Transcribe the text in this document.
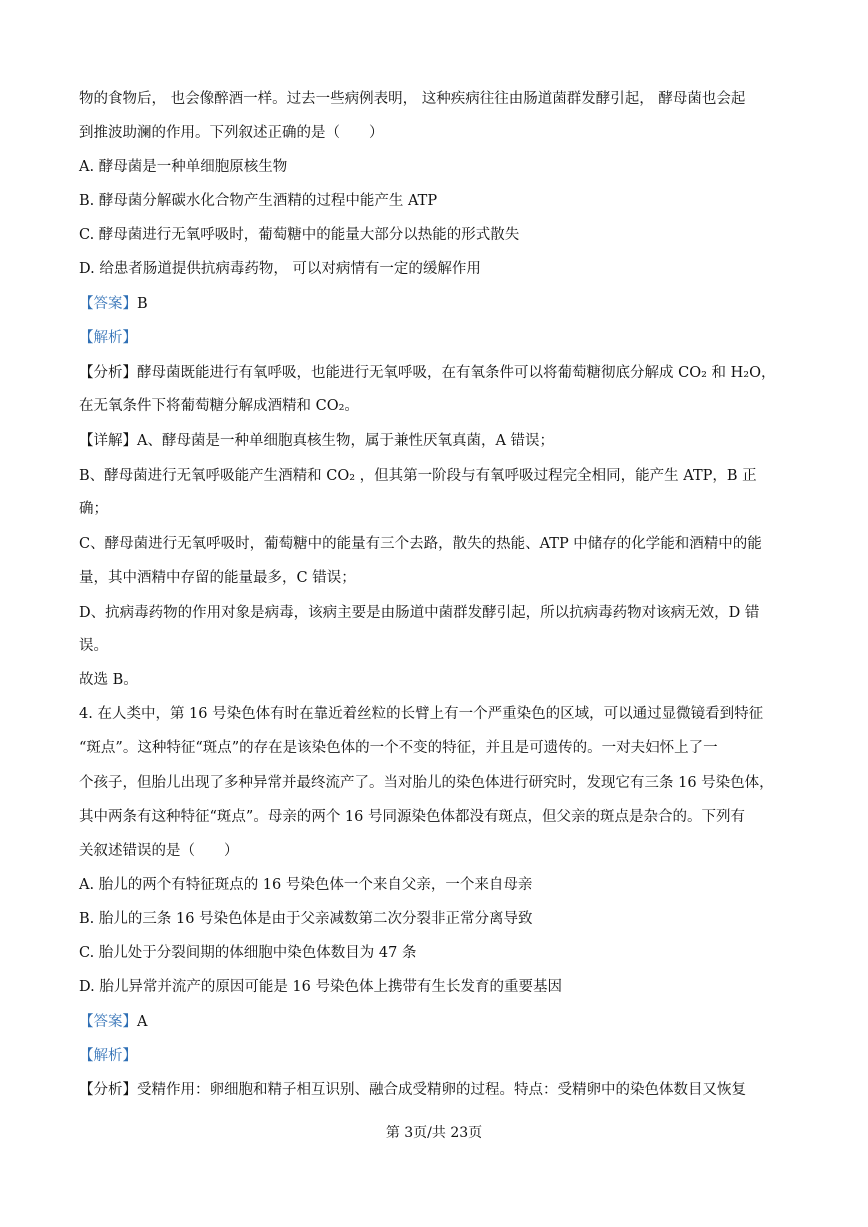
物的食物后， 也会像醉酒一样。过去一些病例表明， 这种疾病往往由肠道菌群发酵引起， 酵母菌也会起
到推波助澜的作用。下列叙述正确的是（　　）
A. 酵母菌是一种单细胞原核生物
B. 酵母菌分解碳水化合物产生酒精的过程中能产生 ATP
C. 酵母菌进行无氧呼吸时，葡萄糖中的能量大部分以热能的形式散失
D. 给患者肠道提供抗病毒药物， 可以对病情有一定的缓解作用
【答案】B
【解析】
【分析】酵母菌既能进行有氧呼吸，也能进行无氧呼吸，在有氧条件可以将葡萄糖彻底分解成 CO₂ 和 H₂O，
在无氧条件下将葡萄糖分解成酒精和 CO₂。
【详解】A、酵母菌是一种单细胞真核生物，属于兼性厌氧真菌，A 错误；
B、酵母菌进行无氧呼吸能产生酒精和 CO₂ ，但其第一阶段与有氧呼吸过程完全相同，能产生 ATP，B 正
确；
C、酵母菌进行无氧呼吸时，葡萄糖中的能量有三个去路，散失的热能、ATP 中储存的化学能和酒精中的能
量，其中酒精中存留的能量最多，C 错误；
D、抗病毒药物的作用对象是病毒，该病主要是由肠道中菌群发酵引起，所以抗病毒药物对该病无效，D 错
误。
故选 B。
4. 在人类中，第 16 号染色体有时在靠近着丝粒的长臂上有一个严重染色的区域，可以通过显微镜看到特征
“斑点”。这种特征“斑点”的存在是该染色体的一个不变的特征，并且是可遗传的。一对夫妇怀上了一
个孩子，但胎儿出现了多种异常并最终流产了。当对胎儿的染色体进行研究时，发现它有三条 16 号染色体，
其中两条有这种特征“斑点”。母亲的两个 16 号同源染色体都没有斑点，但父亲的斑点是杂合的。下列有
关叙述错误的是（　　）
A. 胎儿的两个有特征斑点的 16 号染色体一个来自父亲，一个来自母亲
B. 胎儿的三条 16 号染色体是由于父亲减数第二次分裂非正常分离导致
C. 胎儿处于分裂间期的体细胞中染色体数目为 47 条
D. 胎儿异常并流产的原因可能是 16 号染色体上携带有生长发育的重要基因
【答案】A
【解析】
【分析】受精作用：卵细胞和精子相互识别、融合成受精卵的过程。特点：受精卵中的染色体数目又恢复
第 3页/共 23页
